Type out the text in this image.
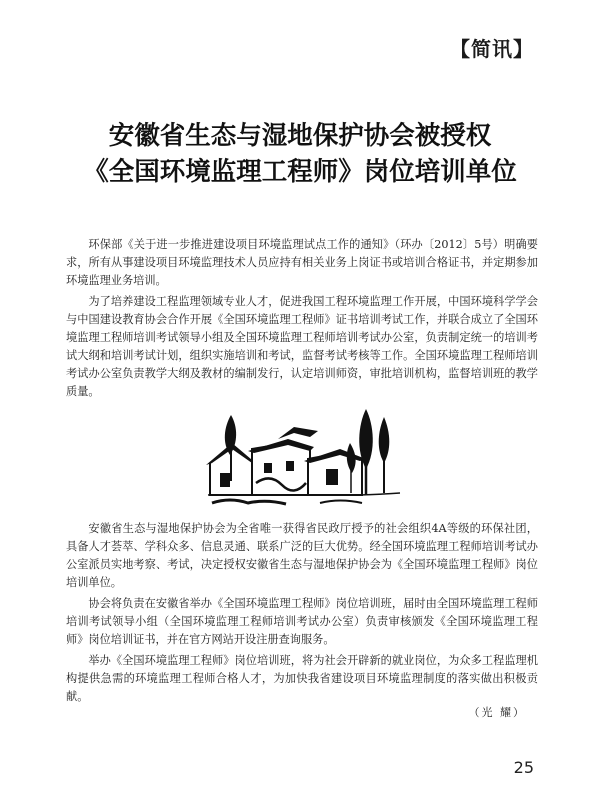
【简讯】
安徽省生态与湿地保护协会被授权
《全国环境监理工程师》岗位培训单位

环保部《关于进一步推进建设项目环境监理试点工作的通知》（环办〔2012〕5号）明确要求，所有从事建设项目环境监理技术人员应持有相关业务上岗证书或培训合格证书，并定期参加环境监理业务培训。

为了培养建设工程监理领域专业人才，促进我国工程环境监理工作开展，中国环境科学学会与中国建设教育协会合作开展《全国环境监理工程师》证书培训考试工作，并联合成立了全国环境监理工程师培训考试领导小组及全国环境监理工程师培训考试办公室，负责制定统一的培训考试大纲和培训考试计划，组织实施培训和考试，监督考试考核等工作。全国环境监理工程师培训考试办公室负责教学大纲及教材的编制发行，认定培训师资，审批培训机构，监督培训班的教学质量。

安徽省生态与湿地保护协会为全省唯一获得省民政厅授予的社会组织4A等级的环保社团，具备人才荟萃、学科众多、信息灵通、联系广泛的巨大优势。经全国环境监理工程师培训考试办公室派员实地考察、考试，决定授权安徽省生态与湿地保护协会为《全国环境监理工程师》岗位培训单位。

协会将负责在安徽省举办《全国环境监理工程师》岗位培训班，届时由全国环境监理工程师培训考试领导小组（全国环境监理工程师培训考试办公室）负责审核颁发《全国环境监理工程师》岗位培训证书，并在官方网站开设注册查询服务。

举办《全国环境监理工程师》岗位培训班，将为社会开辟新的就业岗位，为众多工程监理机构提供急需的环境监理工程师合格人才，为加快我省建设项目环境监理制度的落实做出积极贡献。

（光 耀）
25
